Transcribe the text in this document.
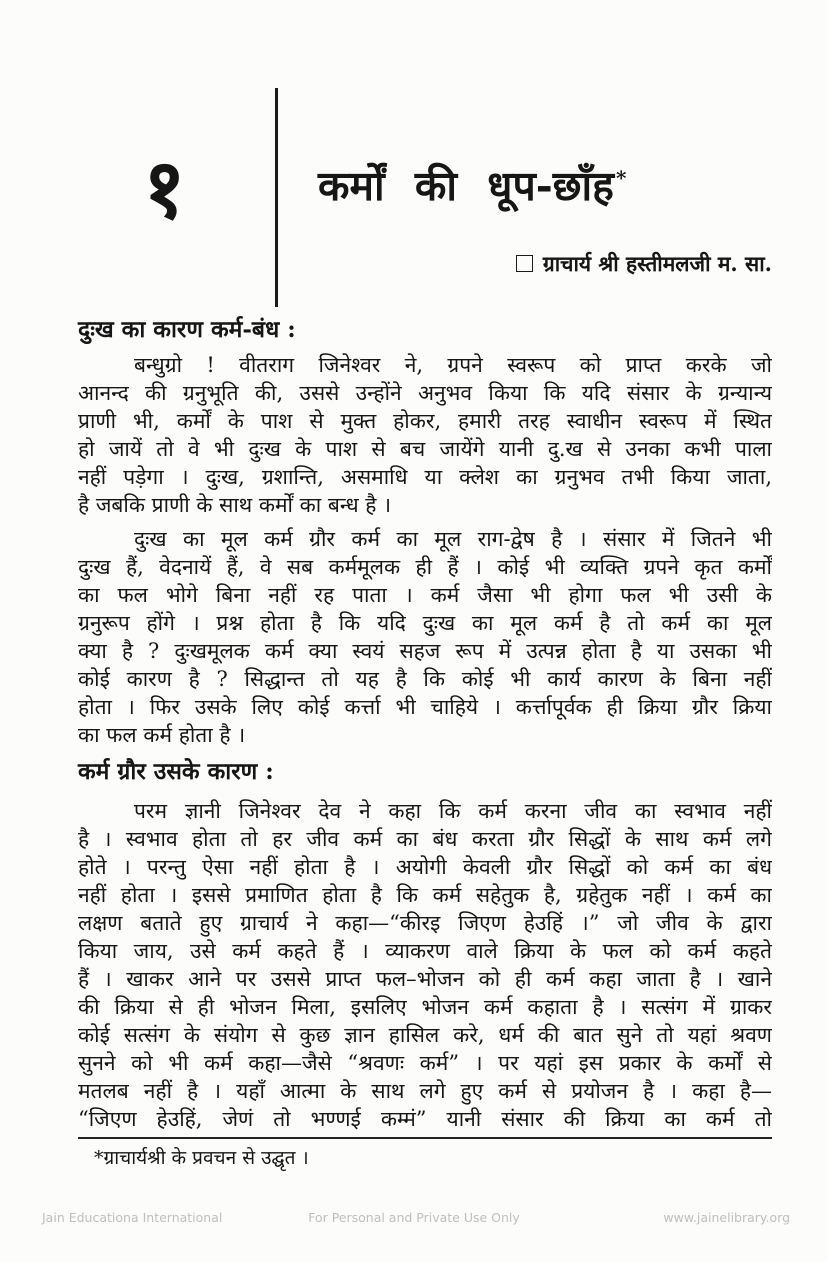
१	कर्मों की धूप-छाँह *
ग्राचार्य श्री हस्तीमलजी म. सा.
दुःख का कारण कर्म-बंध :
बन्धुग्रो ! वीतराग जिनेश्वर ने, ग्रपने स्वरूप को प्राप्त करके जो
आनन्द की ग्रनुभूति की, उससे उन्होंने अनुभव किया कि यदि संसार के ग्रन्यान्य
प्राणी भी, कर्मों के पाश से मुक्त होकर, हमारी तरह स्वाधीन स्वरूप में स्थित
हो जायें तो वे भी दुःख के पाश से बच जायेंगे यानी दु.ख से उनका कभी पाला
नहीं पड़ेगा । दुःख, ग्रशान्ति, असमाधि या क्लेश का ग्रनुभव तभी किया जाता,
है जबकि प्राणी के साथ कर्मों का बन्ध है ।
दुःख का मूल कर्म ग्रौर कर्म का मूल राग-द्वेष है । संसार में जितने भी
दुःख हैं, वेदनायें हैं, वे सब कर्ममूलक ही हैं । कोई भी व्यक्ति ग्रपने कृत कर्मों
का फल भोगे बिना नहीं रह पाता । कर्म जैसा भी होगा फल भी उसी के
ग्रनुरूप होंगे । प्रश्न होता है कि यदि दुःख का मूल कर्म है तो कर्म का मूल
क्या है ? दुःखमूलक कर्म क्या स्वयं सहज रूप में उत्पन्न होता है या उसका भी
कोई कारण है ? सिद्धान्त तो यह है कि कोई भी कार्य कारण के बिना नहीं
होता । फिर उसके लिए कोई कर्त्ता भी चाहिये । कर्त्तापूर्वक ही क्रिया ग्रौर क्रिया
का फल कर्म होता है ।
कर्म ग्रौर उसके कारण :
परम ज्ञानी जिनेश्वर देव ने कहा कि कर्म करना जीव का स्वभाव नहीं
है । स्वभाव होता तो हर जीव कर्म का बंध करता ग्रौर सिद्धों के साथ कर्म लगे
होते । परन्तु ऐसा नहीं होता है । अयोगी केवली ग्रौर सिद्धों को कर्म का बंध
नहीं होता । इससे प्रमाणित होता है कि कर्म सहेतुक है, ग्रहेतुक नहीं । कर्म का
लक्षण बताते हुए ग्राचार्य ने कहा—“कीरइ जिएण हेउहिं ।” जो जीव के द्वारा
किया जाय, उसे कर्म कहते हैं । व्याकरण वाले क्रिया के फल को कर्म कहते
हैं । खाकर आने पर उससे प्राप्त फल–भोजन को ही कर्म कहा जाता है । खाने
की क्रिया से ही भोजन मिला, इसलिए भोजन कर्म कहाता है । सत्संग में ग्राकर
कोई सत्संग के संयोग से कुछ ज्ञान हासिल करे, धर्म की बात सुने तो यहां श्रवण
सुनने को भी कर्म कहा—जैसे “श्रवणः कर्म” । पर यहां इस प्रकार के कर्मों से
मतलब नहीं है । यहाँ आत्मा के साथ लगे हुए कर्म से प्रयोजन है । कहा है—
“जिएण हेउहिं, जेणं तो भण्णई कम्मं” यानी संसार की क्रिया का कर्म तो
*ग्राचार्यश्री के प्रवचन से उद्घृत ।
Jain Educationa International	For Personal and Private Use Only	www.jainelibrary.org
